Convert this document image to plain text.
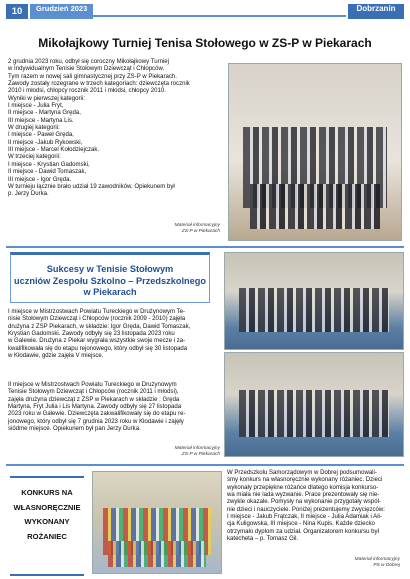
10	Grudzień 2023	Dobrzanin
Mikołajkowy Turniej Tenisa Stołowego w ZS-P w Piekarach

2 grudnia 2023 roku, odbył się coroczny Mikołajkowy Turniej

w Indywidualnym Tenisie Stołowym Dziewcząt i Chłopców.

Tym razem w nowej sali gimnastycznej przy ZS-P w Piekarach.

Zawody zostały rozegrane w trzech kategoriach: dziewczęta rocznik

2010 i młodsi, chłopcy rocznik 2011 i młodsi, chłopcy 2010.

Wyniki w pierwszej kategorii:

I miejsce - Julia Fryt,

II miejsce - Martyna Gręda,

III miejsce - Martyna Lis.

W drugiej kategorii:

I miejsce - Paweł Gręda,

II miejsce -Jakub Rykowski,

III miejsce - Marcel Kołodziejczak.

W trzeciej kategorii:

I miejsce - Krystian Gadomski,

II miejsce - Dawid Tomaszak,

III miejsce - Igor Gręda.

W turnieju łącznie brało udział 19 zawodników. Opiekunem był

p. Jerzy Durka.

Materiał informacyjny
ZS-P w Piekarach
Sukcesy w Tenisie Stołowym
uczniów Zespołu Szkolno – Przedszkolnego
w Piekarach

I miejsce w Mistrzostwach Powiatu Tureckiego w Drużynowym Te-

nisie Stołowym Dziewcząt i Chłopców (rocznik 2009 - 2010) zajęła

drużyna z ZSP Piekarach, w składzie: Igor Gręda, Dawid Tomaszak,

Krystian Gadomski. Zawody odbyły się 23 listopada 2023 roku

w Galewie. Drużyna z Piekar wygrała wszystkie swoje mecze i za-

kwalifikowała się do etapu rejonowego, który odbył się 30 listopada

w Kłodawie, gdzie zajęła V miejsce.

II miejsce w Mistrzostwach Powiatu Tureckiego w Drużynowym

Tenisie Stołowym Dziewcząt i Chłopców (rocznik 2011 i młodsi),

zajęła drużyna dziewcząt z ZSP w Piekarach w składzie : Gręda

Martyna, Fryt Julia i Lis Martyna. Zawody odbyły się 27 listopada

2023 roku w Galewie. Dziewczęta zakwalifikowały się do etapu re-

jonowego, który odbył się 7 grudnia 2023 roku w Kłodawie i zajęły

siódme miejsce. Opiekunem był pan Jerzy Durka.

Materiał informacyjny
ZS-P w Piekarach
KONKURS NA
WŁASNORĘCZNIE
WYKONANY
ROŻANIEC

W Przedszkolu Samorządowym w Dobrej podsumowali-

śmy konkurs na własnoręcznie wykonany różaniec. Dzieci

wykonały przepiękne różańce dlatego komisja konkurso-

wa miała nie lada wyzwanie. Prace prezentowały się nie-

zwykle okazale. Pomysły na wykonanie przygotały wspól-

nie dzieci i nauczyciele. Poniżej prezentujemy zwycięzców:

I miejsce - Jakub Frątczak, II miejsce - Julia Adamiak i Ali-

cja Kuligowska, III miejsce - Nina Kupis. Każde dziecko

otrzymało dyplom za udział. Organizatorem konkursu był

katecheta – p. Tomasz Gil.

Materiał informacyjny
PS w Dobrej
